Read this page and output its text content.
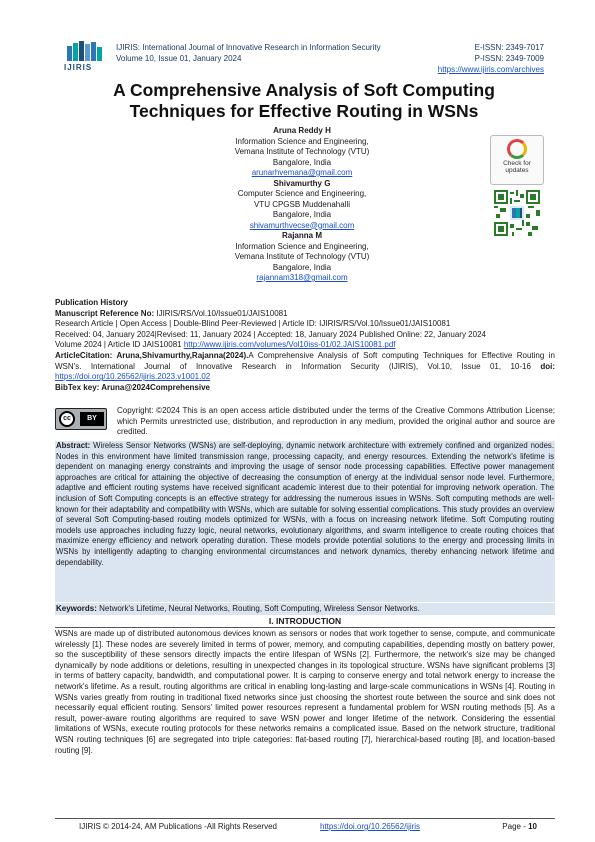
IJIRIS
IJIRIS: International Journal of Innovative Research in Information Security
Volume 10, Issue 01, January 2024
E-ISSN: 2349-7017
P-ISSN: 2349-7009
https://www.ijiris.com/archives
A Comprehensive Analysis of Soft Computing
Techniques for Effective Routing in WSNs
Aruna Reddy H
Information Science and Engineering,
Vemana Institute of Technology (VTU)
Bangalore, India
arunarhvemana@gmail.com
Shivamurthy G
Computer Science and Engineering,
VTU CPGSB Muddenahalli
Bangalore, India
shivamurthvecse@gmail.com
Rajanna M
Information Science and Engineering,
Vemana Institute of Technology (VTU)
Bangalore, India
rajannam318@gmail.com
Check for
updates
Publication History
Manuscript Reference No: IJIRIS/RS/Vol.10/Issue01/JAIS10081
Research Article | Open Access | Double-Blind Peer-Reviewed | Article ID: IJIRIS/RS/Vol.10/Issue01/JAIS10081
Received: 04, January 2024|Revised: 11, January 2024 | Accepted: 18, January 2024 Published Online: 22, January 2024
Volume 2024 | Article ID JAIS10081 http://www.ijiris.com/volumes/Vol10iss-01/02.JAIS10081.pdf
ArticleCitation: Aruna,Shivamurthy,Rajanna(2024).A Comprehensive Analysis of Soft computing Techniques for Effective Routing in WSN's. International Journal of Innovative Research in Information Security (IJIRIS), Vol.10, Issue 01, 10-16 doi: https://doi.org/10.26562/ijiris.2023.v1001.02
BibTex key: Aruna@2024Comprehensive
cc	BY
Copyright: ©2024 This is an open access article distributed under the terms of the Creative Commons Attribution License; which Permits unrestricted use, distribution, and reproduction in any medium, provided the original author and source are credited.
Abstract: Wireless Sensor Networks (WSNs) are self-deploying, dynamic network architecture with extremely confined and organized nodes. Nodes in this environment have limited transmission range, processing capacity, and energy resources. Extending the network's lifetime is dependent on managing energy constraints and improving the usage of sensor node processing capabilities. Effective power management approaches are critical for attaining the objective of decreasing the consumption of energy at the individual sensor node level. Furthermore, adaptive and efficient routing systems have received significant academic interest due to their potential for improving network operation. The inclusion of Soft Computing concepts is an effective strategy for addressing the numerous issues in WSNs. Soft computing methods are well-known for their adaptability and compatibility with WSNs, which are suitable for solving essential complications. This study provides an overview of several Soft Computing-based routing models optimized for WSNs, with a focus on increasing network lifetime. Soft Computing routing models use approaches including fuzzy logic, neural networks, evolutionary algorithms, and swarm intelligence to create routing choices that maximize energy efficiency and network operating duration. These models provide potential solutions to the energy and processing limits in WSNs by intelligently adapting to changing environmental circumstances and network dynamics, thereby enhancing network lifetime and dependability.
Keywords: Network's Lifetime, Neural Networks, Routing, Soft Computing, Wireless Sensor Networks.
I. INTRODUCTION
WSNs are made up of distributed autonomous devices known as sensors or nodes that work together to sense, compute, and communicate wirelessly [1]. These nodes are severely limited in terms of power, memory, and computing capabilities, depending mostly on battery power, so the susceptibility of these sensors directly impacts the entire lifespan of WSNs [2]. Furthermore, the network's size may be changed dynamically by node additions or deletions, resulting in unexpected changes in its topological structure. WSNs have significant problems [3] in terms of battery capacity, bandwidth, and computational power. It is carping to conserve energy and total network energy to increase the network's lifetime. As a result, routing algorithms are critical in enabling long-lasting and large-scale communications in WSNs [4]. Routing in WSNs varies greatly from routing in traditional fixed networks since just choosing the shortest route between the source and sink does not necessarily equal efficient routing. Sensors' limited power resources represent a fundamental problem for WSN routing methods [5]. As a result, power-aware routing algorithms are required to save WSN power and longer lifetime of the network. Considering the essential limitations of WSNs, execute routing protocols for these networks remains a complicated issue. Based on the network structure, traditional WSN routing techniques [6] are segregated into triple categories: flat-based routing [7], hierarchical-based routing [8], and location-based routing [9].
IJIRIS © 2014-24, AM Publications -All Rights Reserved	https://doi.org/10.26562/ijiris	Page - 10
